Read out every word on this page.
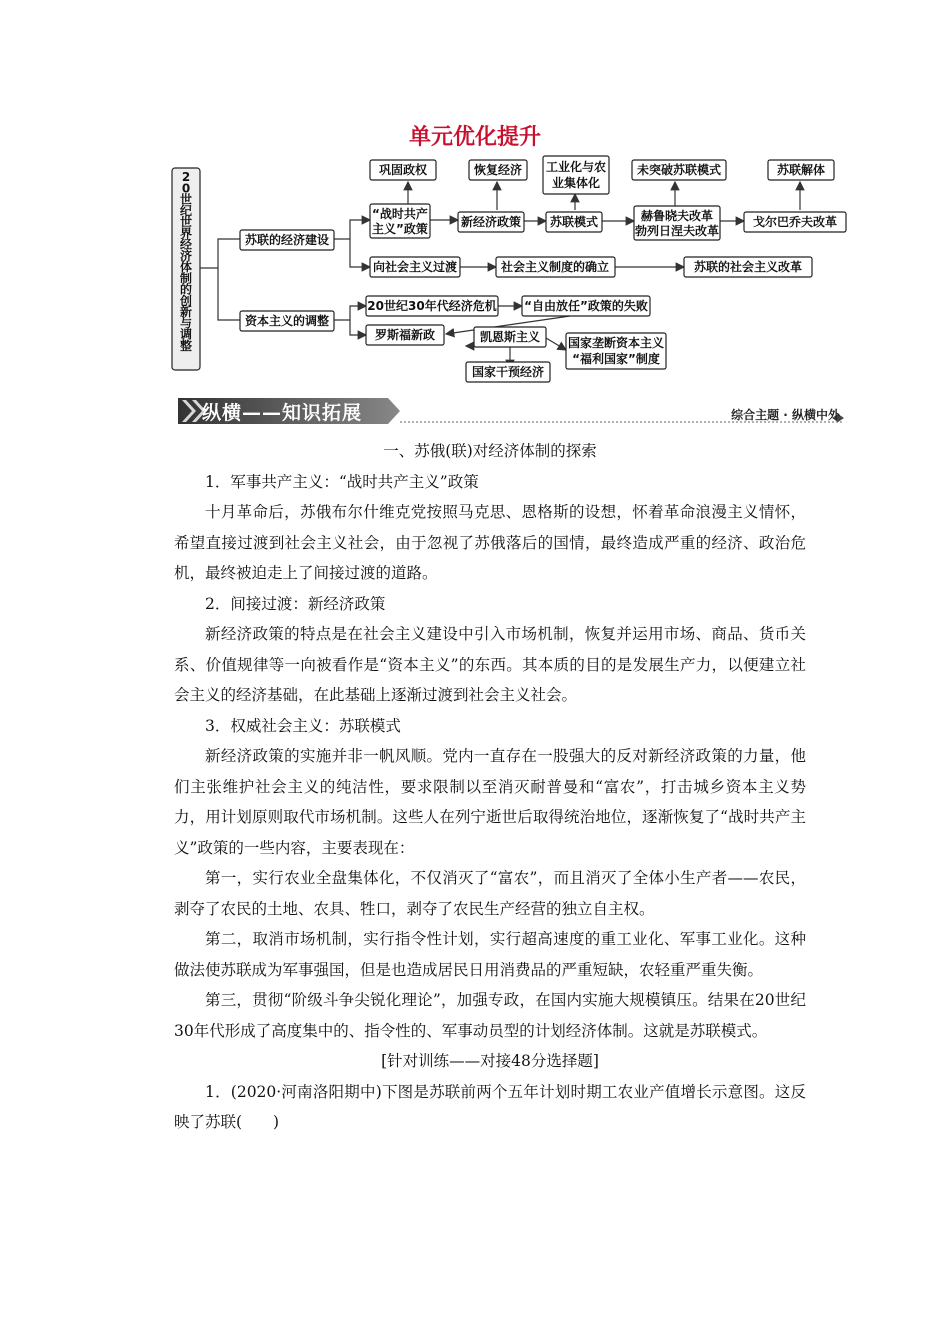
单元优化提升
2 0 世纪世界经济体制的创新与调整
苏联的经济建设
资本主义的调整
巩固政权	恢复经济 工业化与农
业集体化
未突破苏联模式	苏联解体
“战时共产
主义”政策	新经济政策 苏联模式	赫鲁晓夫改革
勃列日涅夫改革
戈尔巴乔夫改革
向社会主义过渡	社会主义制度的确立	苏联的社会主义改革
20世纪30年代经济危机 “自由放任”政策的失败
罗斯福新政	凯恩斯主义 国家垄断资本主义
“福利国家”制度
国家干预经济
纵横——知识拓展	综合主题 · 纵横中外

一、苏俄(联)对经济体制的探索

1．军事共产主义：“战时共产主义”政策

十月革命后，苏俄布尔什维克党按照马克思、恩格斯的设想，怀着革命浪漫主义情怀，希望直接过渡到社会主义社会，由于忽视了苏俄落后的国情，最终造成严重的经济、政治危机，最终被迫走上了间接过渡的道路。

2．间接过渡：新经济政策

新经济政策的特点是在社会主义建设中引入市场机制，恢复并运用市场、商品、货币关系、价值规律等一向被看作是“资本主义”的东西。其本质的目的是发展生产力，以便建立社会主义的经济基础，在此基础上逐渐过渡到社会主义社会。

3．权威社会主义：苏联模式

新经济政策的实施并非一帆风顺。党内一直存在一股强大的反对新经济政策的力量，他们主张维护社会主义的纯洁性，要求限制以至消灭耐普曼和“富农”，打击城乡资本主义势力，用计划原则取代市场机制。这些人在列宁逝世后取得统治地位，逐渐恢复了“战时共产主义”政策的一些内容，主要表现在：

第一，实行农业全盘集体化，不仅消灭了“富农”，而且消灭了全体小生产者——农民，剥夺了农民的土地、农具、牲口，剥夺了农民生产经营的独立自主权。

第二，取消市场机制，实行指令性计划，实行超高速度的重工业化、军事工业化。这种做法使苏联成为军事强国，但是也造成居民日用消费品的严重短缺，农轻重严重失衡。

第三，贯彻“阶级斗争尖锐化理论”，加强专政，在国内实施大规模镇压。结果在20世纪30年代形成了高度集中的、指令性的、军事动员型的计划经济体制。这就是苏联模式。

[针对训练——对接48分选择题]

1．(2020·河南洛阳期中)下图是苏联前两个五年计划时期工农业产值增长示意图。这反映了苏联(　　)
